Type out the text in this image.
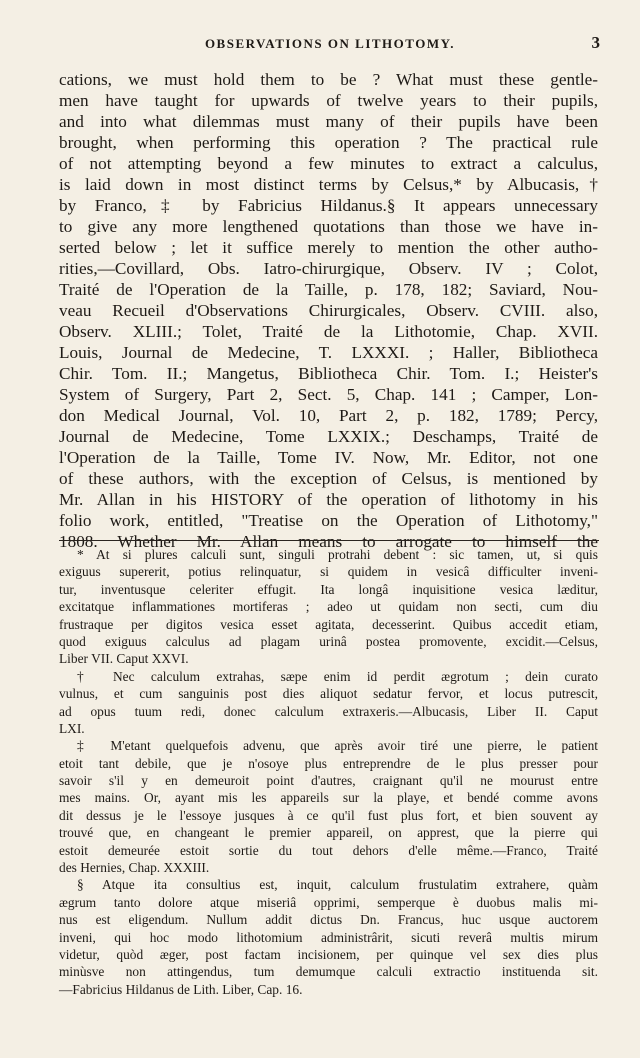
OBSERVATIONS ON LITHOTOMY.	3
cations, we must hold them to be ? What must these gentle-
men have taught for upwards of twelve years to their pupils,
and into what dilemmas must many of their pupils have been
brought, when performing this operation ? The practical rule
of not attempting beyond a few minutes to extract a calculus,
is laid down in most distinct terms by Celsus,* by Albucasis,†
by Franco,‡ by Fabricius Hildanus.§ It appears unnecessary
to give any more lengthened quotations than those we have in-
serted below ; let it suffice merely to mention the other autho-
rities,—Covillard, Obs. Iatro-chirurgique, Observ. IV ; Colot,
Traité de l'Operation de la Taille, p. 178, 182; Saviard, Nou-
veau Recueil d'Observations Chirurgicales, Observ. CVIII. also,
Observ. XLIII.; Tolet, Traité de la Lithotomie, Chap. XVII.
Louis, Journal de Medecine, T. LXXXI. ; Haller, Bibliotheca
Chir. Tom. II.; Mangetus, Bibliotheca Chir. Tom. I.; Heister's
System of Surgery, Part 2, Sect. 5, Chap. 141 ; Camper, Lon-
don Medical Journal, Vol. 10, Part 2, p. 182, 1789; Percy,
Journal de Medecine, Tome LXXIX.; Deschamps, Traité de
l'Operation de la Taille, Tome IV. Now, Mr. Editor, not one
of these authors, with the exception of Celsus, is mentioned by
Mr. Allan in his HISTORY of the operation of lithotomy in his
folio work, entitled, "Treatise on the Operation of Lithotomy,"
1808. Whether Mr. Allan means to arrogate to himself the
* At si plures calculi sunt, singuli protrahi debent : sic tamen, ut, si quis
exiguus supererit, potius relinquatur, si quidem in vesicâ difficulter inveni-
tur, inventusque celeriter effugit. Ita longâ inquisitione vesica læditur,
excitatque inflammationes mortiferas ; adeo ut quidam non secti, cum diu
frustraque per digitos vesica esset agitata, decesserint. Quibus accedit etiam,
quod exiguus calculus ad plagam urinâ postea promovente, excidit.—Celsus,
Liber VII. Caput XXVI.
† Nec calculum extrahas, sæpe enim id perdit ægrotum ; dein curato
vulnus, et cum sanguinis post dies aliquot sedatur fervor, et locus putrescit,
ad opus tuum redi, donec calculum extraxeris.—Albucasis, Liber II. Caput
LXI.
‡ M'etant quelquefois advenu, que après avoir tiré une pierre, le patient
etoit tant debile, que je n'osoye plus entreprendre de le plus presser pour
savoir s'il y en demeuroit point d'autres, craignant qu'il ne mourust entre
mes mains. Or, ayant mis les appareils sur la playe, et bendé comme avons
dit dessus je le l'essoye jusques à ce qu'il fust plus fort, et bien souvent ay
trouvé que, en changeant le premier appareil, on apprest, que la pierre qui
estoit demeurée estoit sortie du tout dehors d'elle même.—Franco, Traité
des Hernies, Chap. XXXIII.
§ Atque ita consultius est, inquit, calculum frustulatim extrahere, quàm
ægrum tanto dolore atque miseriâ opprimi, semperque è duobus malis mi-
nus est eligendum. Nullum addit dictus Dn. Francus, huc usque auctorem
inveni, qui hoc modo lithotomium administrârit, sicuti reverâ multis mirum
videtur, quòd æger, post factam incisionem, per quinque vel sex dies plus
minùsve non attingendus, tum demumque calculi extractio instituenda sit.
—Fabricius Hildanus de Lith. Liber, Cap. 16.
